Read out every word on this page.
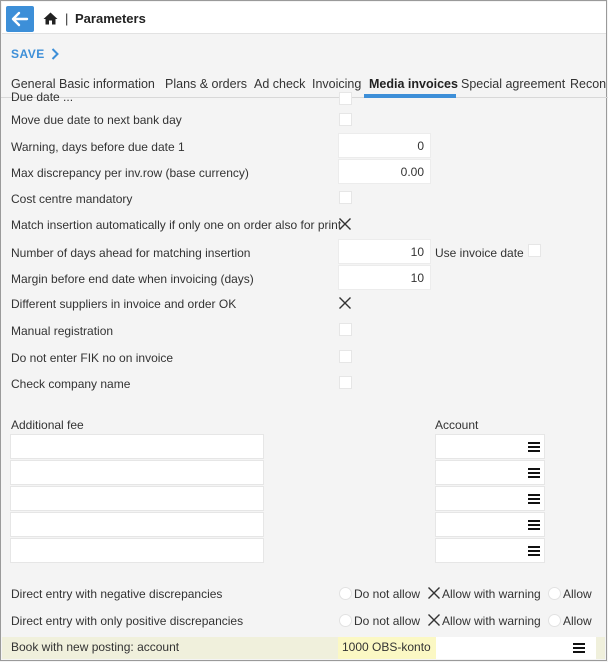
| Parameters
SAVE
General Basic information Plans & orders Ad check Invoicing Media invoices Special agreement Recon
Due date ...
Move due date to next bank day
Warning, days before due date 1	0
Max discrepancy per inv.row (base currency)	0.00
Cost centre mandatory
Match insertion automatically if only one on order also for print
Number of days ahead for matching insertion	10 Use invoice date
Margin before end date when invoicing (days)	10
Different suppliers in invoice and order OK
Manual registration
Do not enter FIK no on invoice
Check company name
Additional fee	Account
Direct entry with negative discrepancies	Do not allow Allow with warning Allow
Direct entry with only positive discrepancies	Do not allow Allow with warning Allow
Book with new posting: account	1000 OBS-konto
